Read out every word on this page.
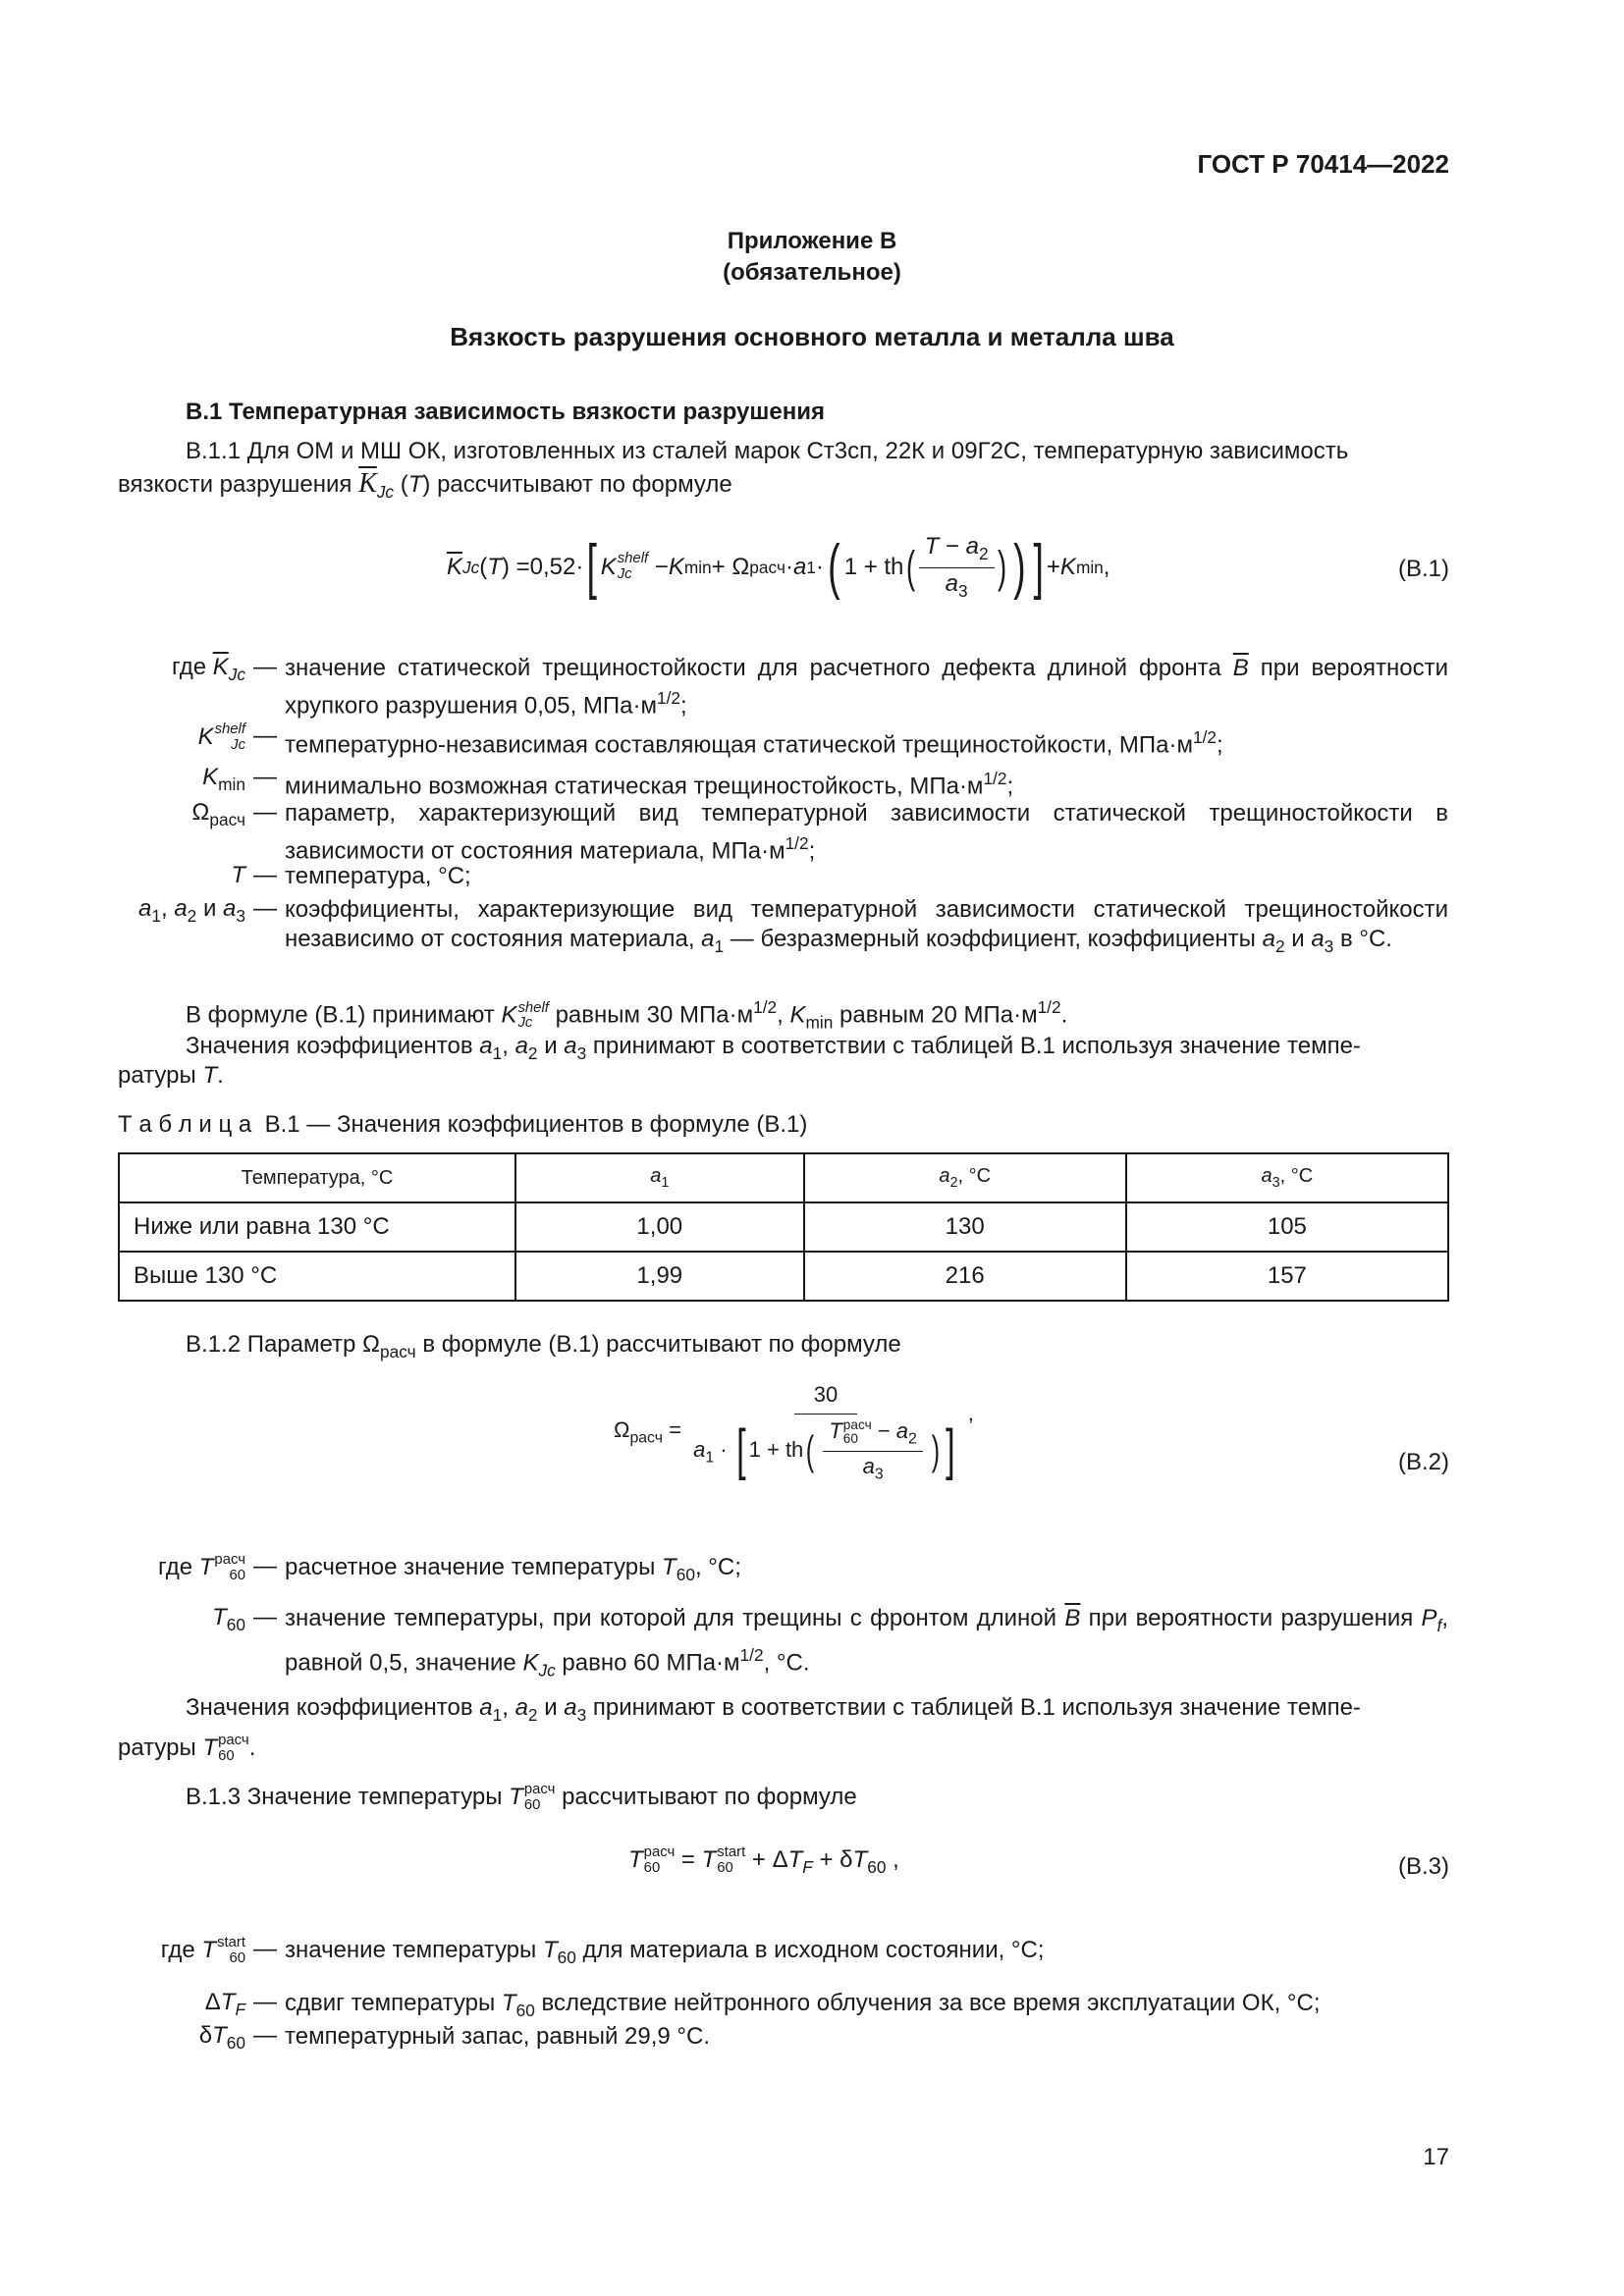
ГОСТ Р 70414—2022
Приложение В
(обязательное)
Вязкость разрушения основного металла и металла шва
В.1 Температурная зависимость вязкости разрушения
В.1.1 Для ОМ и МШ ОК, изготовленных из сталей марок Ст3сп, 22К и 09Г2С, температурную зависимость
вязкости разрушения $\overline{K}_{Jc}$ (T) рассчитывают по формуле
$\overline{K}$ Jc ( T ) = 0,52 · [ K shelf
Jc − K min + Ω расч · a 1 · ( 1 + th ( $\frac{T - a_2}{a_3}$ ) ) ] + K min ,	(В.1)
где $\overline{K}_{Jc}$ — значение статической трещиностойкости для расчетного дефекта длиной фронта $\overline{B}$ при вероятности хрупкого разрушения 0,05, $МПа\cdot м^{1/2}$;
K shelf
Jc — температурно-независимая составляющая статической трещиностойкости, $МПа\cdot м^{1/2}$;
$K_{min}$ — минимально возможная статическая трещиностойкость, $МПа\cdot м^{1/2}$;
$\Omega_{расч}$ — параметр, характеризующий вид температурной зависимости статической трещиностойкости в зависимости от состояния материала, $МПа\cdot м^{1/2}$;
T — температура, °С;
$a_1$, $a_2$ и $a_3$ — коэффициенты, характеризующие вид температурной зависимости статической трещиностойкости независимо от состояния материала, $a_1$ — безразмерный коэффициент, коэффициенты $a_2$ и $a_3$ в °С.
В формуле (В.1) принимают K shelf
Jc равным 30 $МПа\cdot м^{1/2}$, $K_{min}$ равным 20 $МПа\cdot м^{1/2}$.
Значения коэффициентов $a_1$, $a_2$ и $a_3$ принимают в соответствии с таблицей В.1 используя значение темпе-
ратуры T.
Т а б л и ц а В.1 — Значения коэффициентов в формуле (В.1)
Температура, °С	$a_1$	$a_2$, °С	$a_3$, °С
Ниже или равна 130 °С	1,00	130	105
Выше 130 °С	1,99	216	157
В.1.2 Параметр $\Omega_{расч}$ в формуле (В.1) рассчитывают по формуле
$\Omega_{расч} = 30$
$a_1$ · [ 1 + th( T расч
$60 - a_2$
$a_3$ ) ] ,
(В.2)
где T расч
60 — расчетное значение температуры $T_{60}$, °С;
$T_{60}$ — значение температуры, при которой для трещины с фронтом длиной $\overline{B}$ при вероятности разрушения $P_f$, равной 0,5, значение $K_{Jc}$ равно 60 $МПа\cdot м^{1/2}$, °С.
Значения коэффициентов $a_1$, $a_2$ и $a_3$ принимают в соответствии с таблицей В.1 используя значение темпе-
ратуры T расч
60 .
В.1.3 Значение температуры T расч
60 рассчитывают по формуле
T расч
60 = T start
$60 + \Delta T_F + \delta T_{60}$ ,	(В.3)
где T start
60 — значение температуры $T_{60}$ для материала в исходном состоянии, °С;
$\Delta T_F$ — сдвиг температуры $T_{60}$ вследствие нейтронного облучения за все время эксплуатации ОК, °С;
$\delta T_{60}$ — температурный запас, равный 29,9 °С.
17
